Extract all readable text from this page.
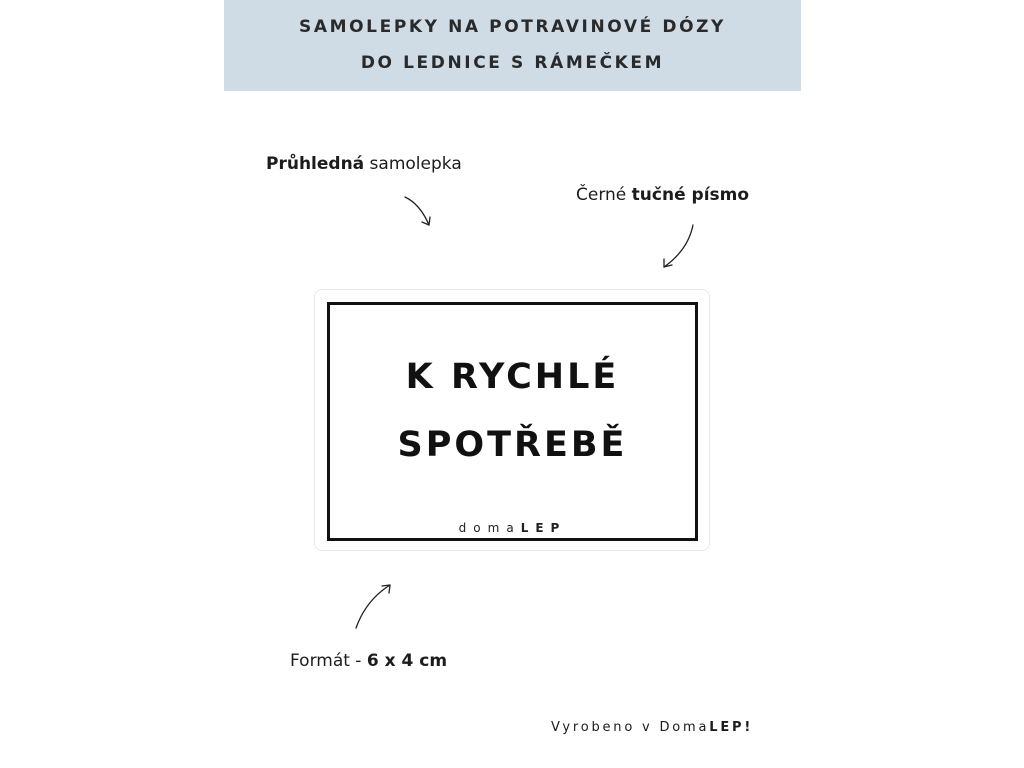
SAMOLEPKY NA POTRAVINOVÉ DÓZY
DO LEDNICE S RÁMEČKEM
Průhledná samolepka
Černé tučné písmo
Formát - 6 x 4 cm
K RYCHLÉ
SPOTŘEBĚ
domaLEP
Vyrobeno v DomaLEP!
